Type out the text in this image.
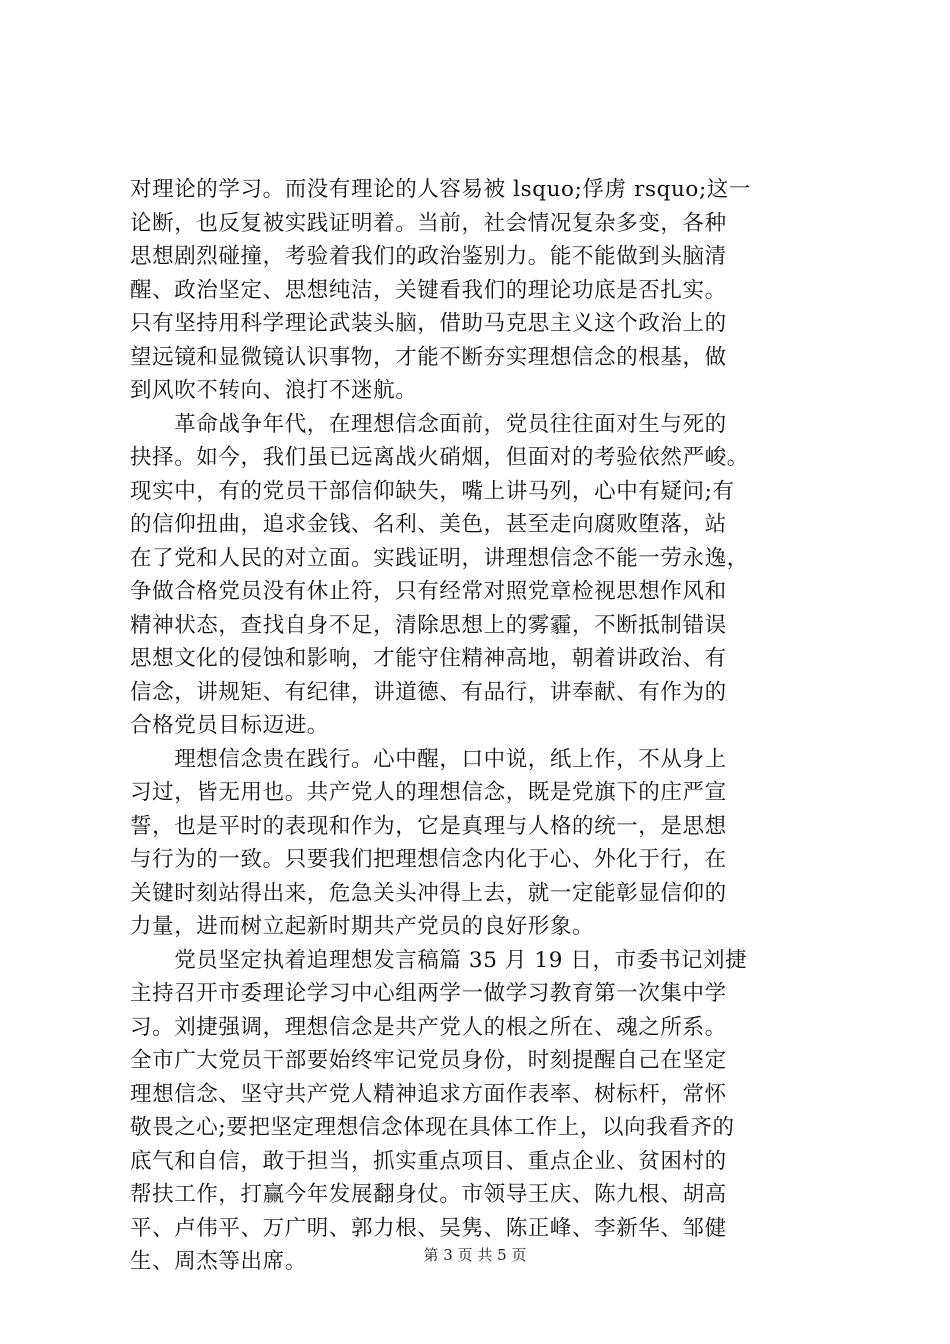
对理论的学习。而没有理论的人容易被 lsquo;俘虏 rsquo;这一
论断，也反复被实践证明着。当前，社会情况复杂多变，各种
思想剧烈碰撞，考验着我们的政治鉴别力。能不能做到头脑清
醒、政治坚定、思想纯洁，关键看我们的理论功底是否扎实。
只有坚持用科学理论武装头脑，借助马克思主义这个政治上的
望远镜和显微镜认识事物，才能不断夯实理想信念的根基，做
到风吹不转向、浪打不迷航。
　　革命战争年代，在理想信念面前，党员往往面对生与死的
抉择。如今，我们虽已远离战火硝烟，但面对的考验依然严峻。
现实中，有的党员干部信仰缺失，嘴上讲马列，心中有疑问;有
的信仰扭曲，追求金钱、名利、美色，甚至走向腐败堕落，站
在了党和人民的对立面。实践证明，讲理想信念不能一劳永逸，
争做合格党员没有休止符，只有经常对照党章检视思想作风和
精神状态，查找自身不足，清除思想上的雾霾，不断抵制错误
思想文化的侵蚀和影响，才能守住精神高地，朝着讲政治、有
信念，讲规矩、有纪律，讲道德、有品行，讲奉献、有作为的
合格党员目标迈进。
　　理想信念贵在践行。心中醒，口中说，纸上作，不从身上
习过，皆无用也。共产党人的理想信念，既是党旗下的庄严宣
誓，也是平时的表现和作为，它是真理与人格的统一，是思想
与行为的一致。只要我们把理想信念内化于心、外化于行，在
关键时刻站得出来，危急关头冲得上去，就一定能彰显信仰的
力量，进而树立起新时期共产党员的良好形象。
　　党员坚定执着追理想发言稿篇 35 月 19 日，市委书记刘捷
主持召开市委理论学习中心组两学一做学习教育第一次集中学
习。刘捷强调，理想信念是共产党人的根之所在、魂之所系。
全市广大党员干部要始终牢记党员身份，时刻提醒自己在坚定
理想信念、坚守共产党人精神追求方面作表率、树标杆，常怀
敬畏之心;要把坚定理想信念体现在具体工作上，以向我看齐的
底气和自信，敢于担当，抓实重点项目、重点企业、贫困村的
帮扶工作，打赢今年发展翻身仗。市领导王庆、陈九根、胡高
平、卢伟平、万广明、郭力根、吴隽、陈正峰、李新华、邹健
生、周杰等出席。	第 3 页 共 5 页
